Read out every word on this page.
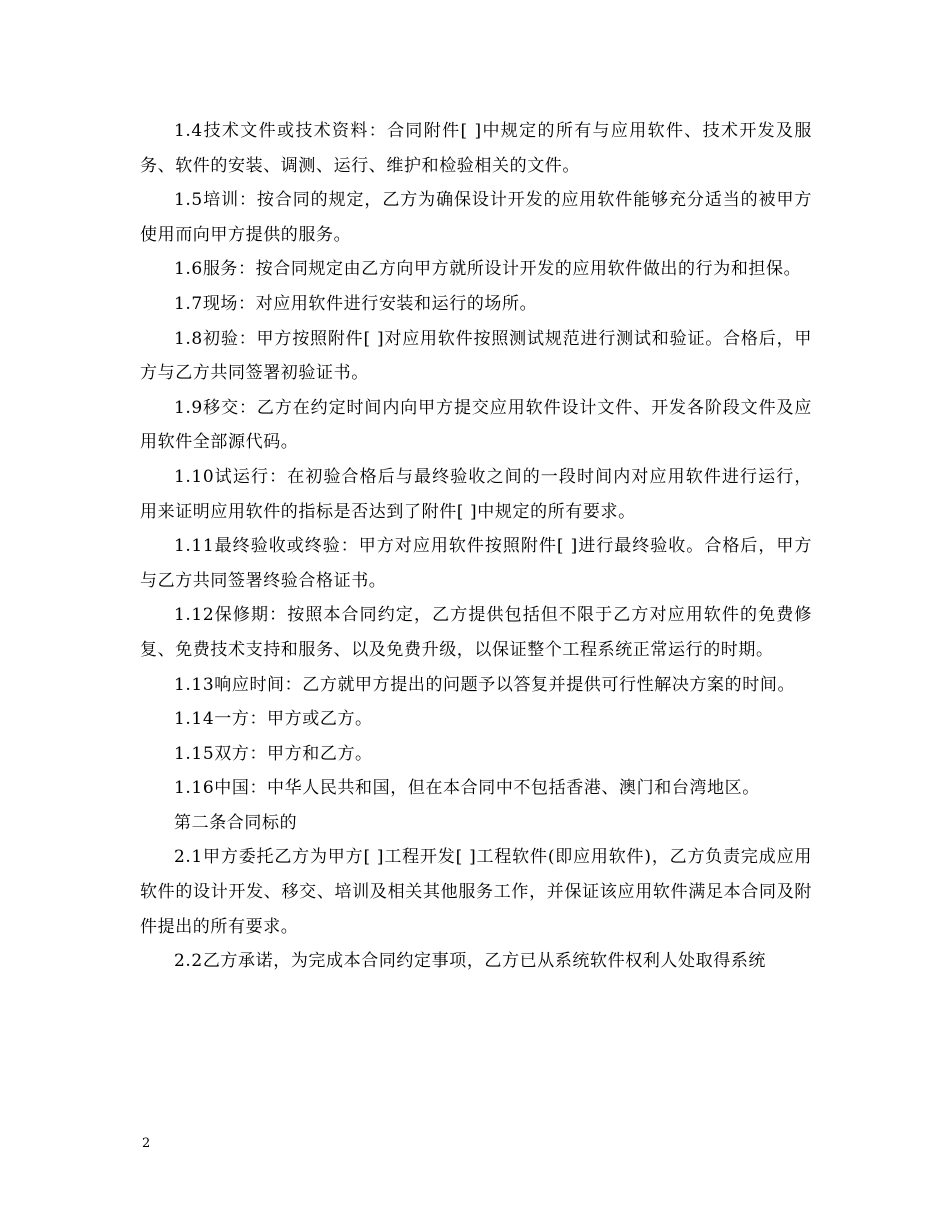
1.4技术文件或技术资料：合同附件[ ]中规定的所有与应用软件、技术开发及服务、软件的安装、调测、运行、维护和检验相关的文件。

1.5培训：按合同的规定，乙方为确保设计开发的应用软件能够充分适当的被甲方使用而向甲方提供的服务。

1.6服务：按合同规定由乙方向甲方就所设计开发的应用软件做出的行为和担保。

1.7现场：对应用软件进行安装和运行的场所。

1.8初验：甲方按照附件[ ]对应用软件按照测试规范进行测试和验证。合格后，甲方与乙方共同签署初验证书。

1.9移交：乙方在约定时间内向甲方提交应用软件设计文件、开发各阶段文件及应用软件全部源代码。

1.10试运行：在初验合格后与最终验收之间的一段时间内对应用软件进行运行，用来证明应用软件的指标是否达到了附件[ ]中规定的所有要求。

1.11最终验收或终验：甲方对应用软件按照附件[ ]进行最终验收。合格后，甲方与乙方共同签署终验合格证书。

1.12保修期：按照本合同约定，乙方提供包括但不限于乙方对应用软件的免费修复、免费技术支持和服务、以及免费升级，以保证整个工程系统正常运行的时期。

1.13响应时间：乙方就甲方提出的问题予以答复并提供可行性解决方案的时间。

1.14一方：甲方或乙方。

1.15双方：甲方和乙方。

1.16中国：中华人民共和国，但在本合同中不包括香港、澳门和台湾地区。

第二条合同标的

2.1甲方委托乙方为甲方[ ]工程开发[ ]工程软件(即应用软件)，乙方负责完成应用软件的设计开发、移交、培训及相关其他服务工作，并保证该应用软件满足本合同及附件提出的所有要求。

2.2乙方承诺，为完成本合同约定事项，乙方已从系统软件权利人处取得系统

2
